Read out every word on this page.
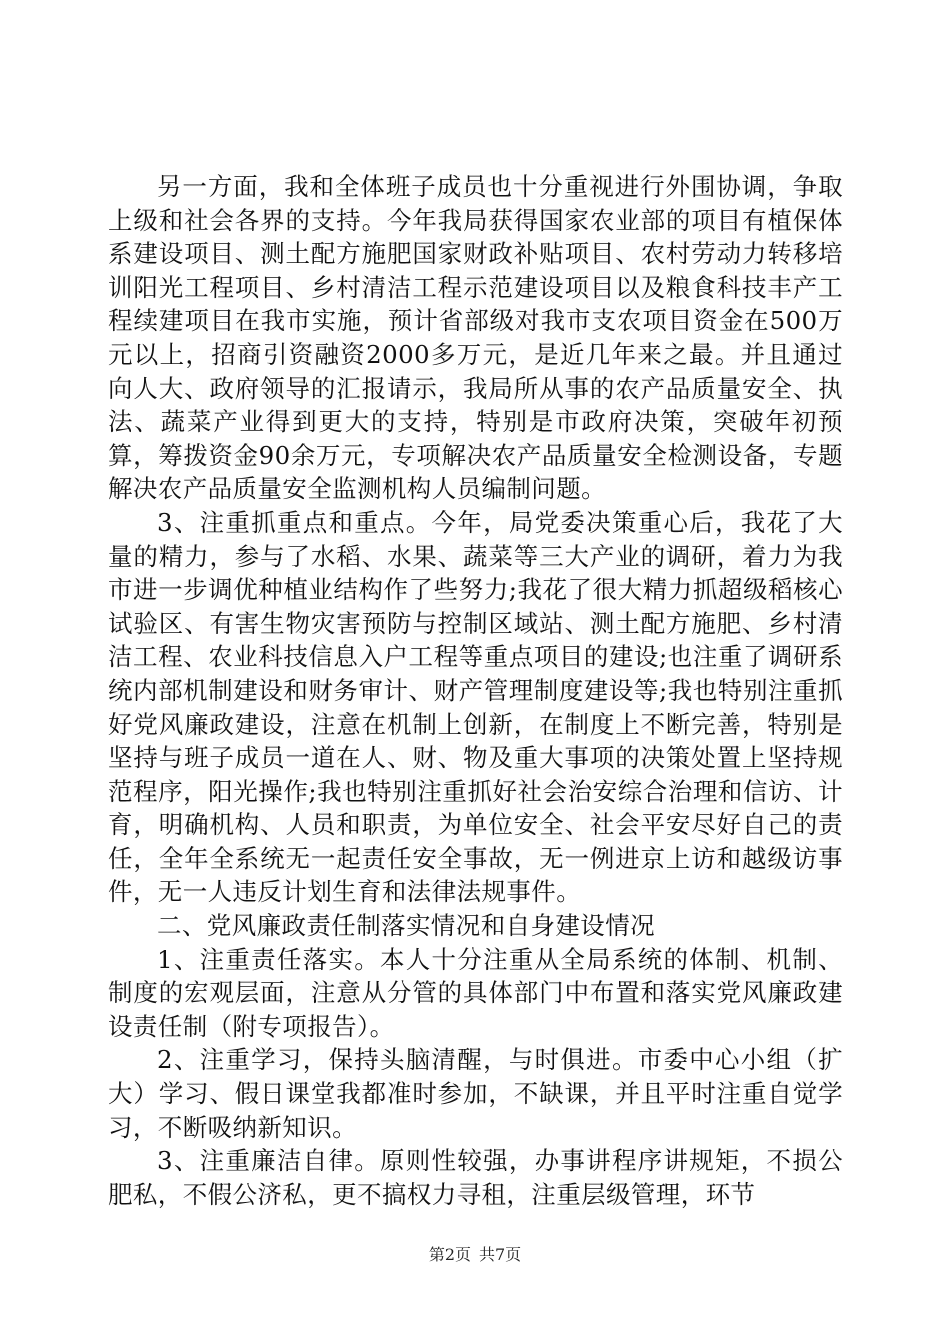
另一方面，我和全体班子成员也十分重视进行外围协调，争取上级和社会各界的支持。今年我局获得国家农业部的项目有植保体系建设项目、测土配方施肥国家财政补贴项目、农村劳动力转移培训阳光工程项目、乡村清洁工程示范建设项目以及粮食科技丰产工程续建项目在我市实施，预计省部级对我市支农项目资金在500万元以上，招商引资融资2000多万元，是近几年来之最。并且通过向人大、政府领导的汇报请示，我局所从事的农产品质量安全、执法、蔬菜产业得到更大的支持，特别是市政府决策，突破年初预算，筹拨资金90余万元，专项解决农产品质量安全检测设备，专题解决农产品质量安全监测机构人员编制问题。

3、注重抓重点和重点。今年，局党委决策重心后，我花了大量的精力，参与了水稻、水果、蔬菜等三大产业的调研，着力为我市进一步调优种植业结构作了些努力;我花了很大精力抓超级稻核心试验区、有害生物灾害预防与控制区域站、测土配方施肥、乡村清洁工程、农业科技信息入户工程等重点项目的建设;也注重了调研系统内部机制建设和财务审计、财产管理制度建设等;我也特别注重抓好党风廉政建设，注意在机制上创新，在制度上不断完善，特别是坚持与班子成员一道在人、财、物及重大事项的决策处置上坚持规范程序，阳光操作;我也特别注重抓好社会治安综合治理和信访、计育，明确机构、人员和职责，为单位安全、社会平安尽好自己的责任，全年全系统无一起责任安全事故，无一例进京上访和越级访事件，无一人违反计划生育和法律法规事件。

二、党风廉政责任制落实情况和自身建设情况

1、注重责任落实。本人十分注重从全局系统的体制、机制、制度的宏观层面，注意从分管的具体部门中布置和落实党风廉政建设责任制（附专项报告）。

2、注重学习，保持头脑清醒，与时俱进。市委中心小组（扩大）学习、假日课堂我都准时参加，不缺课，并且平时注重自觉学习，不断吸纳新知识。

3、注重廉洁自律。原则性较强，办事讲程序讲规矩，不损公肥私，不假公济私，更不搞权力寻租，注重层级管理，环节

第2页 共7页
